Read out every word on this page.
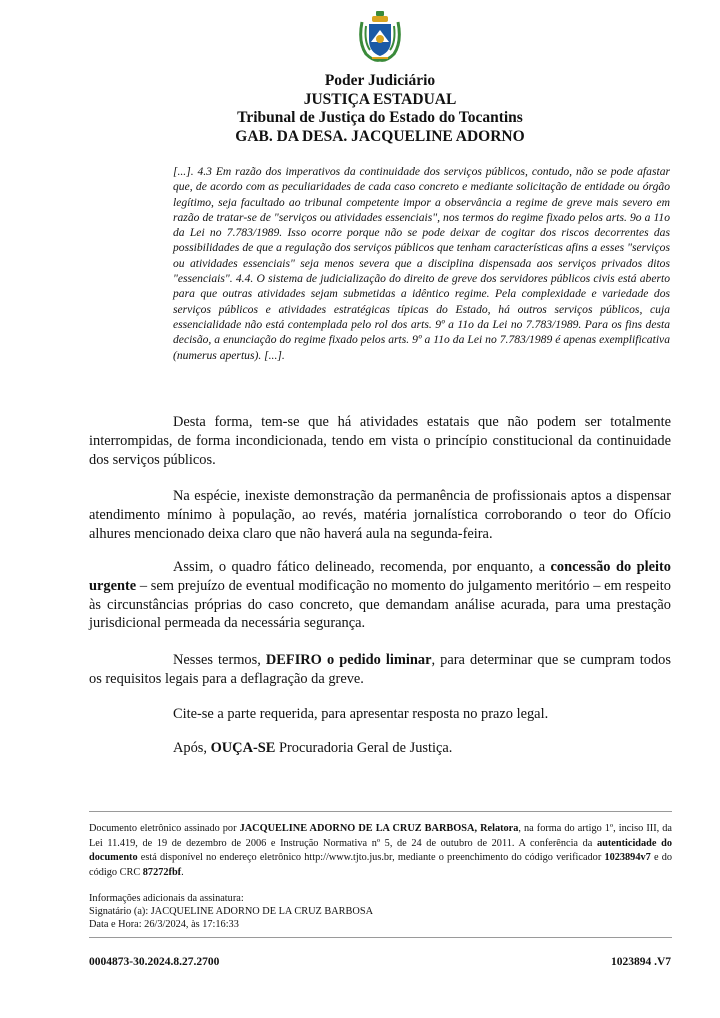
Poder Judiciário
JUSTIÇA ESTADUAL
Tribunal de Justiça do Estado do Tocantins
GAB. DA DESA. JACQUELINE ADORNO

[...]. 4.3 Em razão dos imperativos da continuidade dos serviços públicos, contudo, não se pode afastar que, de acordo com as peculiaridades de cada caso concreto e mediante solicitação de entidade ou órgão legítimo, seja facultado ao tribunal competente impor a observância a regime de greve mais severo em razão de tratar-se de "serviços ou atividades essenciais", nos termos do regime fixado pelos arts. 9o a 11o da Lei no 7.783/1989. Isso ocorre porque não se pode deixar de cogitar dos riscos decorrentes das possibilidades de que a regulação dos serviços públicos que tenham características afins a esses "serviços ou atividades essenciais" seja menos severa que a disciplina dispensada aos serviços privados ditos "essenciais". 4.4. O sistema de judicialização do direito de greve dos servidores públicos civis está aberto para que outras atividades sejam submetidas a idêntico regime. Pela complexidade e variedade dos serviços públicos e atividades estratégicas típicas do Estado, há outros serviços públicos, cuja essencialidade não está contemplada pelo rol dos arts. 9º a 11o da Lei no 7.783/1989. Para os fins desta decisão, a enunciação do regime fixado pelos arts. 9º a 11o da Lei no 7.783/1989 é apenas exemplificativa (numerus apertus). [...].

Desta forma, tem-se que há atividades estatais que não podem ser totalmente interrompidas, de forma incondicionada, tendo em vista o princípio constitucional da continuidade dos serviços públicos.

Na espécie, inexiste demonstração da permanência de profissionais aptos a dispensar atendimento mínimo à população, ao revés, matéria jornalística corroborando o teor do Ofício alhures mencionado deixa claro que não haverá aula na segunda-feira.

Assim, o quadro fático delineado, recomenda, por enquanto, a concessão do pleito urgente – sem prejuízo de eventual modificação no momento do julgamento meritório – em respeito às circunstâncias próprias do caso concreto, que demandam análise acurada, para uma prestação jurisdicional permeada da necessária segurança.

Nesses termos, DEFIRO o pedido liminar, para determinar que se cumpram todos os requisitos legais para a deflagração da greve.

Cite-se a parte requerida, para apresentar resposta no prazo legal.

Após, OUÇA-SE Procuradoria Geral de Justiça.

Documento eletrônico assinado por JACQUELINE ADORNO DE LA CRUZ BARBOSA, Relatora, na forma do artigo 1º, inciso III, da Lei 11.419, de 19 de dezembro de 2006 e Instrução Normativa nº 5, de 24 de outubro de 2011. A conferência da autenticidade do documento está disponível no endereço eletrônico http://www.tjto.jus.br, mediante o preenchimento do código verificador 1023894v7 e do código CRC 87272fbf.

Informações adicionais da assinatura:
Signatário (a): JACQUELINE ADORNO DE LA CRUZ BARBOSA
Data e Hora: 26/3/2024, às 17:16:33
0004873-30.2024.8.27.2700	1023894 .V7
